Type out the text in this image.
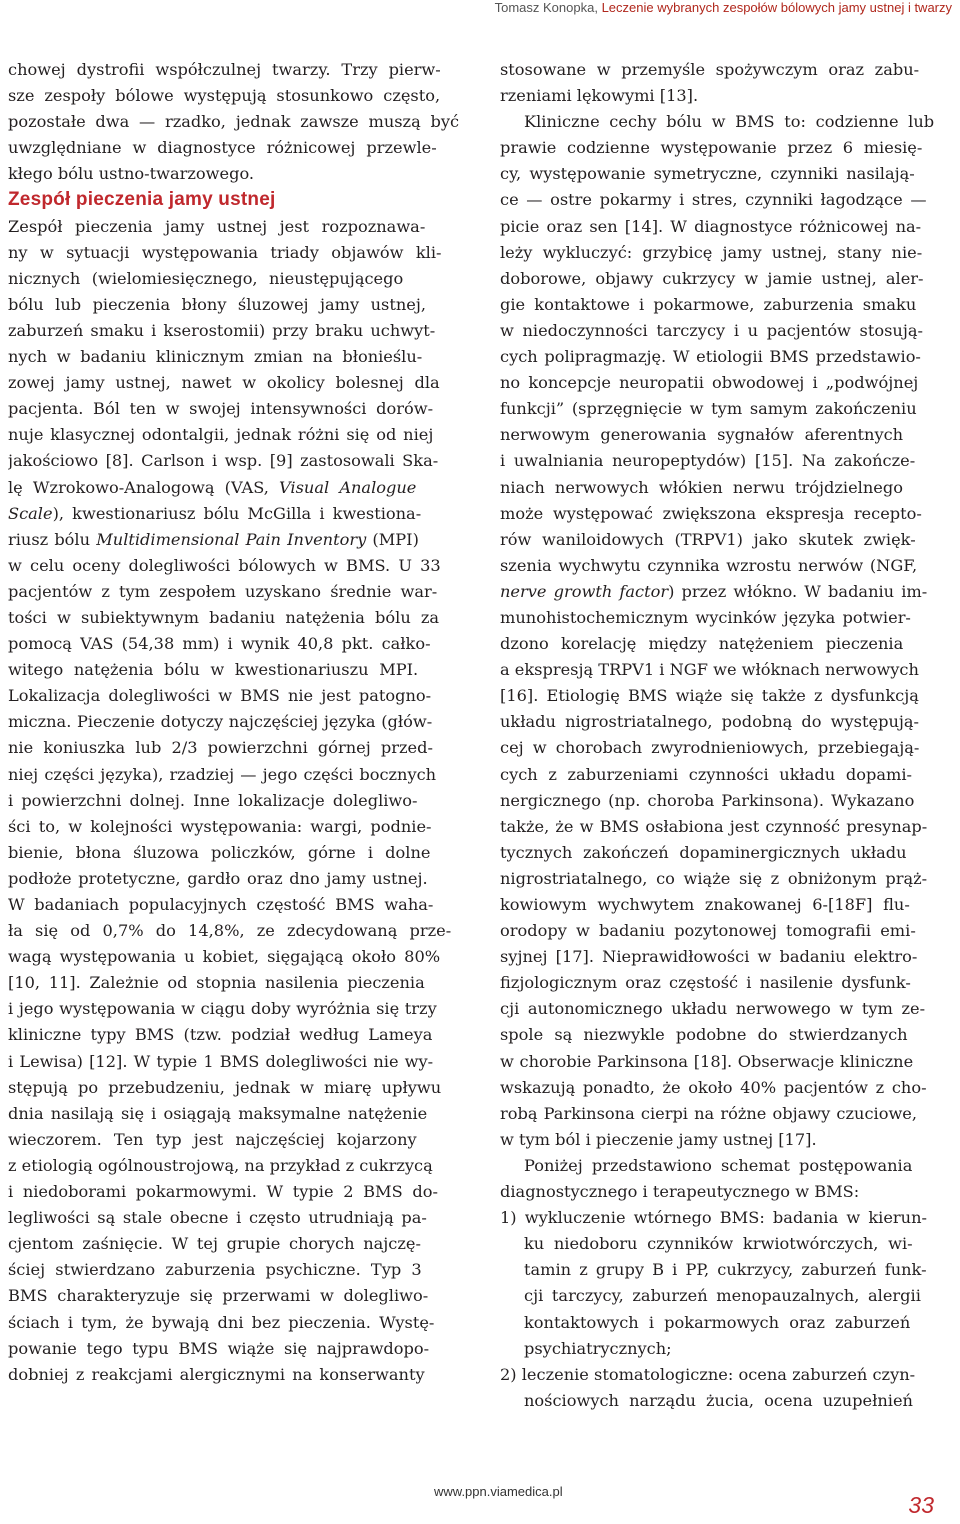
Tomasz Konopka, Leczenie wybranych zespołów bólowych jamy ustnej i twarzy
chowej dystrofii współczulnej twarzy. Trzy pierw-
sze zespoły bólowe występują stosunkowo często,
pozostałe dwa — rzadko, jednak zawsze muszą być
uwzględniane w diagnostyce różnicowej przewle-
kłego bólu ustno-twarzowego.
Zespół pieczenia jamy ustnej
Zespół pieczenia jamy ustnej jest rozpoznawa-
ny w sytuacji występowania triady objawów kli-
nicznych (wielomiesięcznego, nieustępującego
bólu lub pieczenia błony śluzowej jamy ustnej,
zaburzeń smaku i kserostomii) przy braku uchwyt-
nych w badaniu klinicznym zmian na błonieślu-
zowej jamy ustnej, nawet w okolicy bolesnej dla
pacjenta. Ból ten w swojej intensywności dorów-
nuje klasycznej odontalgii, jednak różni się od niej
jakościowo [8]. Carlson i wsp. [9] zastosowali Ska-
lę Wzrokowo-Analogową (VAS, Visual Analogue
Scale), kwestionariusz bólu McGilla i kwestiona-
riusz bólu Multidimensional Pain Inventory (MPI)
w celu oceny dolegliwości bólowych w BMS. U 33
pacjentów z tym zespołem uzyskano średnie war-
tości w subiektywnym badaniu natężenia bólu za
pomocą VAS (54,38 mm) i wynik 40,8 pkt. całko-
witego natężenia bólu w kwestionariuszu MPI.
Lokalizacja dolegliwości w BMS nie jest patogno-
miczna. Pieczenie dotyczy najczęściej języka (głów-
nie koniuszka lub 2/3 powierzchni górnej przed-
niej części języka), rzadziej — jego części bocznych
i powierzchni dolnej. Inne lokalizacje dolegliwo-
ści to, w kolejności występowania: wargi, podnie-
bienie, błona śluzowa policzków, górne i dolne
podłoże protetyczne, gardło oraz dno jamy ustnej.
W badaniach populacyjnych częstość BMS waha-
ła się od 0,7% do 14,8%, ze zdecydowaną prze-
wagą występowania u kobiet, sięgającą około 80%
[10, 11]. Zależnie od stopnia nasilenia pieczenia
i jego występowania w ciągu doby wyróżnia się trzy
kliniczne typy BMS (tzw. podział według Lameya
i Lewisa) [12]. W typie 1 BMS dolegliwości nie wy-
stępują po przebudzeniu, jednak w miarę upływu
dnia nasilają się i osiągają maksymalne natężenie
wieczorem. Ten typ jest najczęściej kojarzony
z etiologią ogólnoustrojową, na przykład z cukrzycą
i niedoborami pokarmowymi. W typie 2 BMS do-
legliwości są stale obecne i często utrudniają pa-
cjentom zaśnięcie. W tej grupie chorych najczę-
ściej stwierdzano zaburzenia psychiczne. Typ 3
BMS charakteryzuje się przerwami w dolegliwo-
ściach i tym, że bywają dni bez pieczenia. Wystę-
powanie tego typu BMS wiąże się najprawdopo-
dobniej z reakcjami alergicznymi na konserwanty
stosowane w przemyśle spożywczym oraz zabu-
rzeniami lękowymi [13].
Kliniczne cechy bólu w BMS to: codzienne lub
prawie codzienne występowanie przez 6 miesię-
cy, występowanie symetryczne, czynniki nasilają-
ce — ostre pokarmy i stres, czynniki łagodzące —
picie oraz sen [14]. W diagnostyce różnicowej na-
leży wykluczyć: grzybicę jamy ustnej, stany nie-
doborowe, objawy cukrzycy w jamie ustnej, aler-
gie kontaktowe i pokarmowe, zaburzenia smaku
w niedoczynności tarczycy i u pacjentów stosują-
cych polipragmazję. W etiologii BMS przedstawio-
no koncepcje neuropatii obwodowej i „podwójnej
funkcji” (sprzęgnięcie w tym samym zakończeniu
nerwowym generowania sygnałów aferentnych
i uwalniania neuropeptydów) [15]. Na zakończe-
niach nerwowych włókien nerwu trójdzielnego
może występować zwiększona ekspresja recepto-
rów waniloidowych (TRPV1) jako skutek zwięk-
szenia wychwytu czynnika wzrostu nerwów (NGF,
nerve growth factor) przez włókno. W badaniu im-
munohistochemicznym wycinków języka potwier-
dzono korelację między natężeniem pieczenia
a ekspresją TRPV1 i NGF we włóknach nerwowych
[16]. Etiologię BMS wiąże się także z dysfunkcją
układu nigrostriatalnego, podobną do występują-
cej w chorobach zwyrodnieniowych, przebiegają-
cych z zaburzeniami czynności układu dopami-
nergicznego (np. choroba Parkinsona). Wykazano
także, że w BMS osłabiona jest czynność presynap-
tycznych zakończeń dopaminergicznych układu
nigrostriatalnego, co wiąże się z obniżonym prąż-
kowiowym wychwytem znakowanej 6-[18F] flu-
orodopy w badaniu pozytonowej tomografii emi-
syjnej [17]. Nieprawidłowości w badaniu elektro-
fizjologicznym oraz częstość i nasilenie dysfunk-
cji autonomicznego układu nerwowego w tym ze-
spole są niezwykle podobne do stwierdzanych
w chorobie Parkinsona [18]. Obserwacje kliniczne
wskazują ponadto, że około 40% pacjentów z cho-
robą Parkinsona cierpi na różne objawy czuciowe,
w tym ból i pieczenie jamy ustnej [17].
Poniżej przedstawiono schemat postępowania
diagnostycznego i terapeutycznego w BMS:
1) wykluczenie wtórnego BMS: badania w kierun-
ku niedoboru czynników krwiotwórczych, wi-
tamin z grupy B i PP, cukrzycy, zaburzeń funk-
cji tarczycy, zaburzeń menopauzalnych, alergii
kontaktowych i pokarmowych oraz zaburzeń
psychiatrycznych;
2) leczenie stomatologiczne: ocena zaburzeń czyn-
nościowych narządu żucia, ocena uzupełnień
www.ppn.viamedica.pl
33
